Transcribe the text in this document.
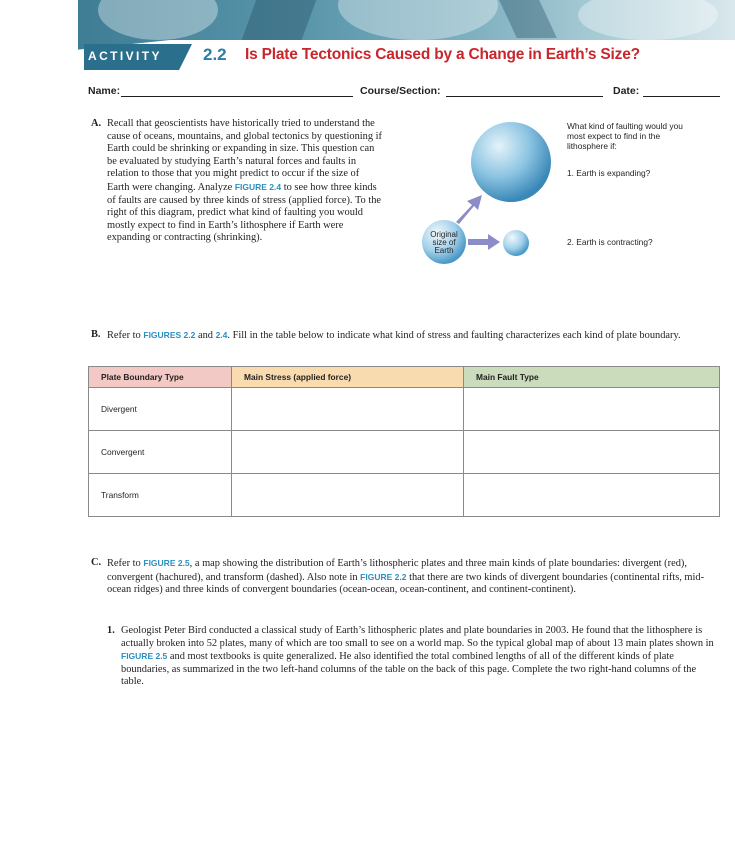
ACTIVITY 2.2 Is Plate Tectonics Caused by a Change in Earth’s Size?
Name:	Course/Section:	Date:
A. Recall that geoscientists have historically tried to understand the cause of oceans, mountains, and global tectonics by questioning if Earth could be shrinking or expanding in size. This question can be evaluated by studying Earth’s natural forces and faults in relation to those that you might predict to occur if the size of Earth were changing. Analyze FIGURE 2.4 to see how three kinds of faults are caused by three kinds of stress (applied force). To the right of this diagram, predict what kind of faulting you would mostly expect to find in Earth’s lithosphere if Earth were expanding or contracting (shrinking).	Original
size of
Earth
What kind of faulting would you most expect to find in the lithosphere if:
1. Earth is expanding?
2. Earth is contracting?
B. Refer to FIGURES 2.2 and 2.4. Fill in the table below to indicate what kind of stress and faulting characterizes each kind of plate boundary.
Plate Boundary Type	Main Stress (applied force)	Main Fault Type
Divergent		
Convergent		
Transform		
C. Refer to FIGURE 2.5, a map showing the distribution of Earth’s lithospheric plates and three main kinds of plate boundaries: divergent (red), convergent (hachured), and transform (dashed). Also note in FIGURE 2.2 that there are two kinds of divergent boundaries (continental rifts, mid-ocean ridges) and three kinds of convergent boundaries (ocean-ocean, ocean-continent, and continent-continent).
1. Geologist Peter Bird conducted a classical study of Earth’s lithospheric plates and plate boundaries in 2003. He found that the lithosphere is actually broken into 52 plates, many of which are too small to see on a world map. So the typical global map of about 13 main plates shown in FIGURE 2.5 and most textbooks is quite generalized. He also identified the total combined lengths of all of the different kinds of plate boundaries, as summarized in the two left-hand columns of the table on the back of this page. Complete the two right-hand columns of the table.
